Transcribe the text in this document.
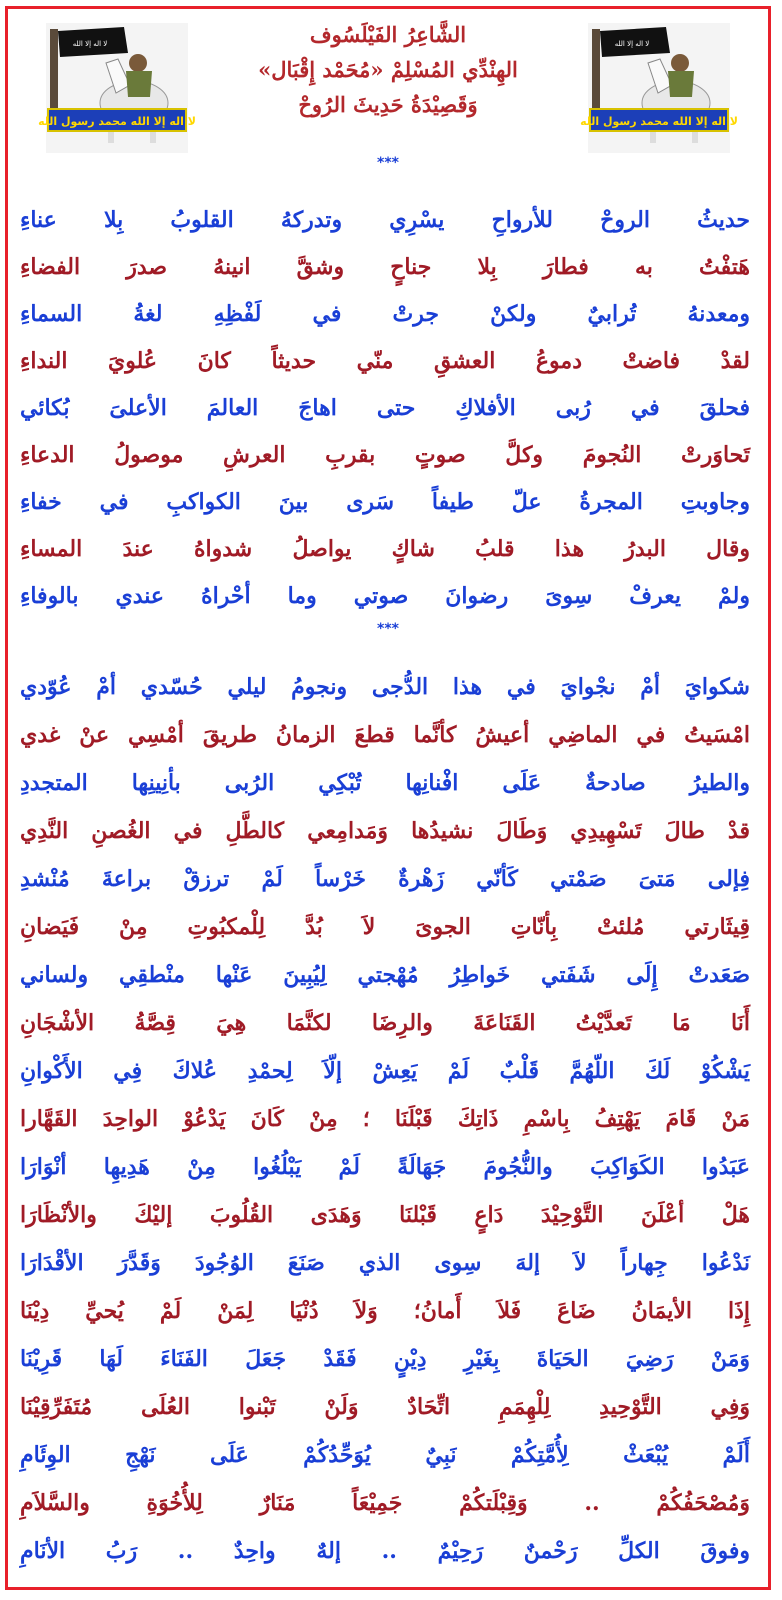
لا اله إلا الله
لا اله إلا الله محمد رسول الله
لا اله إلا الله
لا اله إلا الله محمد رسول الله
الشَّاعِرُ الفَيْلَسُوف
الهِنْدِّي المُسْلِمْ «مُحَمْد إِقْبَال»
وَقَصِيْدَةُ حَدِيثَ الرُوحْ
***
حديثُ الروحْ للأرواحِ يسْرِي وتدركهُ القلوبُ بِلا عناءِ
هَتفْتُ به فطارَ بِلا جناحٍ وشقَّ انينهُ صدرَ الفضاءِ
ومعدنهُ تُرابيٌ ولكنْ جرتْ في لَفْظِهِ لغةُ السماءِ
لقدْ فاضتْ دموعُ العشقِ منّي حديثاً كانَ عُلويَ النداءِ
فحلقَ في رُبى الأفلاكِ حتى اهاجَ العالمَ الأعلىَ بُكائي
تَحاوَرتْ النُجومَ وكلَّ صوتٍ بقربِ العرشِ موصولُ الدعاءِ
وجاوبتِ المجرةُ علّ طيفاً سَرى بينَ الكواكبِ في خفاءِ
وقال البدرُ هذا قلبُ شاكٍ يواصلُ شدواهُ عندَ المساءِ
ولمْ يعرفْ سِوىَ رضوانَ صوتي وما أحْراهُ عندي بالوفاءِ
***
شكوايَ أمْ نجْوايَ في هذا الدُّجى ونجومُ ليلي حُسّدي أمْ عُوّدي
امْسَيتُ في الماضِي أعيشُ كأنَّما قطعَ الزمانُ طريقَ أمْسِي عنْ غدي
والطيرُ صادحةٌ عَلَى افْنانِها تُبْكِي الرُبى بأنِينِها المتجددِ
قدْ طالَ تَسْهِيدِي وَطَالَ نشيدُها وَمَدامِعي كالطَّلِ في الغُصنِ النَّدِي
فِإلى مَتىَ صَمْتي كَأنّي زَهْرةٌ خَرْساً لَمْ ترزقْ براعةَ مُنْشدِ
قِيثَارتي مُلئتْ بِأنّاتِ الجوىَ لاَ بُدَّ لِلْمكبُوتِ مِنْ فَيَضانِ
صَعَدتْ إِلَى شَفَتي خَواطِرُ مُهْجتي لِيُبِينَ عَنْها منْطقِي ولساني
أَنَا مَا تَعدَّيْتُ القَنَاعَةَ والرِضَا لكنَّمَا هِيَ قِصَّةُ الأشْجَانِ
يَشْكُوْ لَكَ اللّهُمَّ قَلْبٌ لَمْ يَعِشْ إلّاَ لِحمْدِ عُلاكَ فِي الأَكْوانِ
مَنْ قَامَ يَهْتِفُ بِاسْمِ ذَاتِكَ قَبْلَنَا ؛ مِنْ كَانَ يَدْعُوْ الواحِدَ القَهَّارا
عَبَدُوا الكَوَاكِبَ والنُّجُومَ جَهَالَةً لَمْ يَبْلُغُوا مِنْ هَدِيهِا أنْوَارَا
هَلْ أعْلَنَ التَّوْحِيْدَ دَاعٍ قَبْلنَا وَهَدَى القُلُوبَ إليْكَ والأنْظَارَا
نَدْعُوا جِهاراً لاَ إلهَ سِوى الذي صَنَعَ الوُجُودَ وَقَدَّرَ الأقْدَارَا
إِذَا الأيمَانُ ضَاعَ فَلاَ أَمانُ؛ وَلاَ دُنْيَا لِمَنْ لَمْ يُحيِّ دِيْنَا
وَمَنْ رَضِيَ الحَيَاةَ بِغَيْرِ دِيْنٍ فَقَدْ جَعَلَ الفَنَاءَ لَهَا قَرِيْنَا
وَفِي التَّوْحِيدِ لِلْهِمَمِ اتِّحَادٌ وَلَنْ تَبْنوا العُلَى مُتَفَرِّقِيْنَا
أَلَمْ يُبْعَثْ لِأُمَّتِكُمْ نَبِيٌ يُوَحِّدُكُمْ عَلَى نَهْجِ الوِئَامِ
وَمُصْحَفُكُمْ .. وَقِبْلَتكُمْ جَمِيْعَاً مَنَارٌ لِلأُخُوَةِ والسَّلاَمِ
وفوقَ الكلِّ رَحْمنٌ رَحِيْمٌ .. إلهٌ واحِدٌ .. رَبُ الأنَامِ
